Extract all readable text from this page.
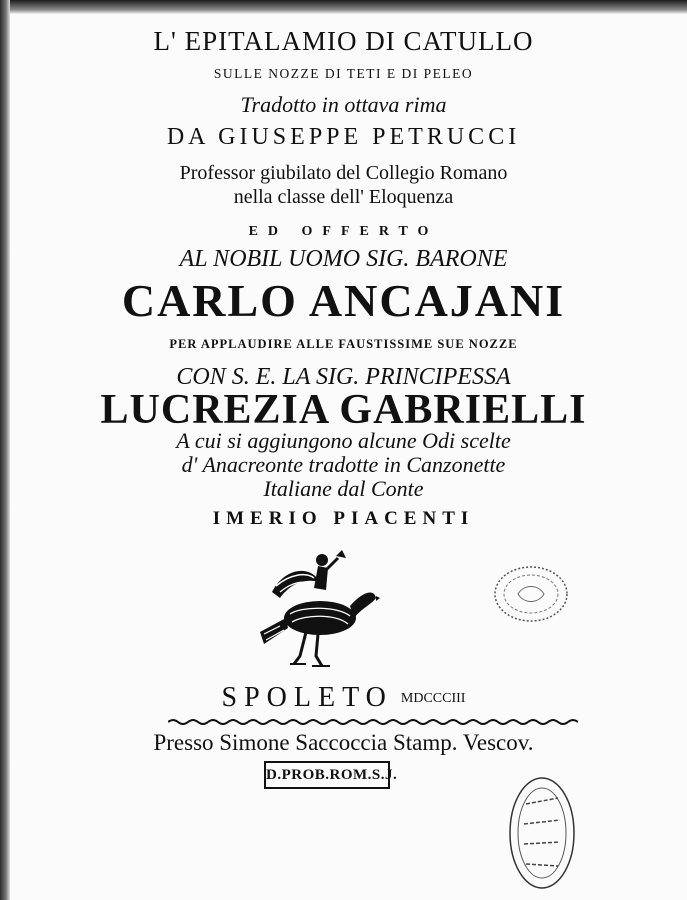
L' EPITALAMIO DI CATULLO
SULLE NOZZE DI TETI E DI PELEO
Tradotto in ottava rima
DA GIUSEPPE PETRUCCI
Professor giubilato del Collegio Romano
nella classe dell' Eloquenza
ED OFFERTO
AL NOBIL UOMO SIG. BARONE
CARLO ANCAJANI
PER APPLAUDIRE ALLE FAUSTISSIME SUE NOZZE
CON S. E. LA SIG. PRINCIPESSA
LUCREZIA GABRIELLI
A cui si aggiungono alcune Odi scelte
d' Anacreonte tradotte in Canzonette
Italiane dal Conte
IMERIO PIACENTI
SPOLETO MDCCCIII
Presso Simone Saccoccia Stamp. Vescov.
D.PROB.ROM.S.J.
